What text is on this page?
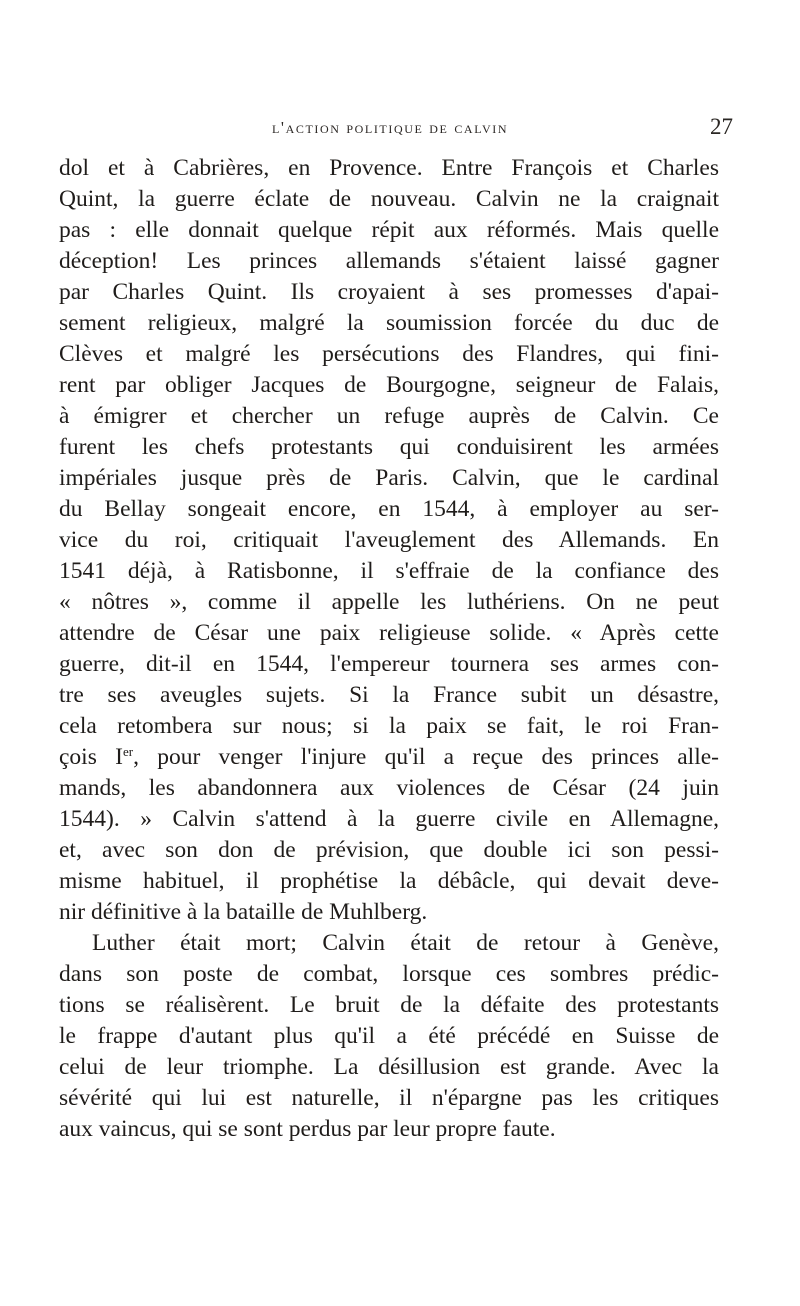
l'action politique de calvin	27
dol et à Cabrières, en Provence. Entre François et Charles
Quint, la guerre éclate de nouveau. Calvin ne la craignait
pas : elle donnait quelque répit aux réformés. Mais quelle
déception! Les princes allemands s'étaient laissé gagner
par Charles Quint. Ils croyaient à ses promesses d'apai-
sement religieux, malgré la soumission forcée du duc de
Clèves et malgré les persécutions des Flandres, qui fini-
rent par obliger Jacques de Bourgogne, seigneur de Falais,
à émigrer et chercher un refuge auprès de Calvin. Ce
furent les chefs protestants qui conduisirent les armées
impériales jusque près de Paris. Calvin, que le cardinal
du Bellay songeait encore, en 1544, à employer au ser-
vice du roi, critiquait l'aveuglement des Allemands. En
1541 déjà, à Ratisbonne, il s'effraie de la confiance des
« nôtres », comme il appelle les luthériens. On ne peut
attendre de César une paix religieuse solide. « Après cette
guerre, dit-il en 1544, l'empereur tournera ses armes con-
tre ses aveugles sujets. Si la France subit un désastre,
cela retombera sur nous; si la paix se fait, le roi Fran-
çois Ier, pour venger l'injure qu'il a reçue des princes alle-
mands, les abandonnera aux violences de César (24 juin
1544). » Calvin s'attend à la guerre civile en Allemagne,
et, avec son don de prévision, que double ici son pessi-
misme habituel, il prophétise la débâcle, qui devait deve-
nir définitive à la bataille de Muhlberg.
Luther était mort; Calvin était de retour à Genève,
dans son poste de combat, lorsque ces sombres prédic-
tions se réalisèrent. Le bruit de la défaite des protestants
le frappe d'autant plus qu'il a été précédé en Suisse de
celui de leur triomphe. La désillusion est grande. Avec la
sévérité qui lui est naturelle, il n'épargne pas les critiques
aux vaincus, qui se sont perdus par leur propre faute.
